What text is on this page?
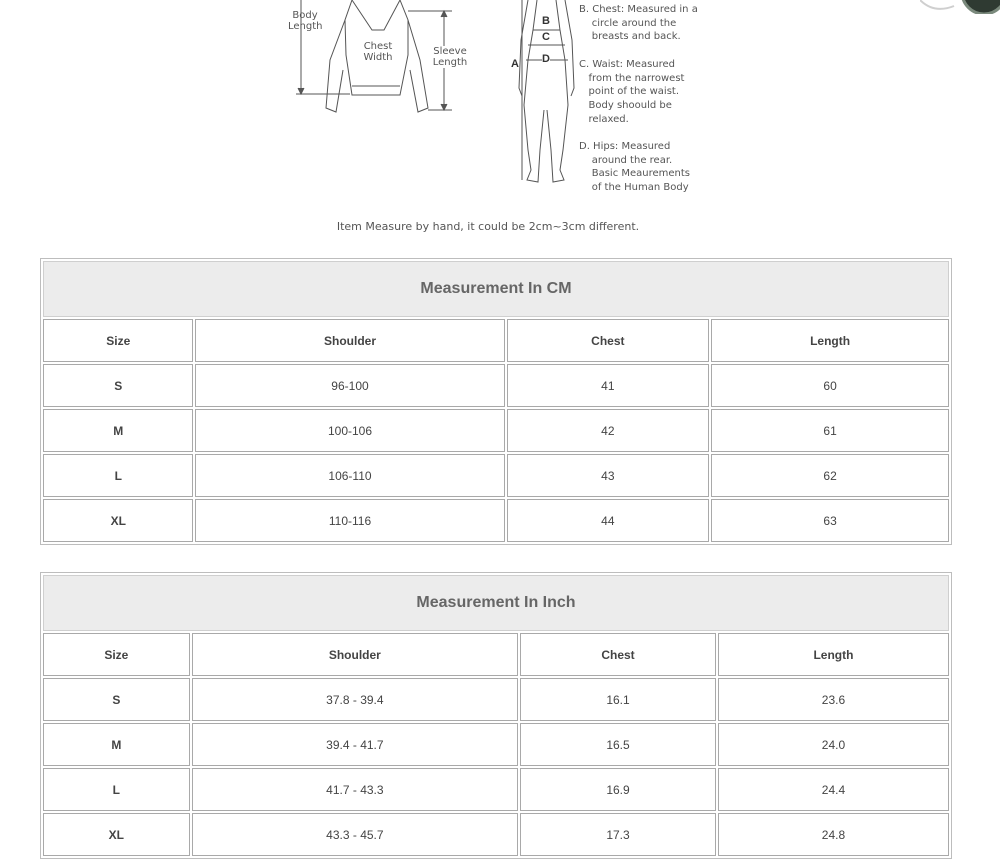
Body
Length
Chest
Width
Sleeve
Length	A
B
C
D
B. Chest: Measured in a
circle around the
breasts and back.
C. Waist: Measured
from the narrowest
point of the waist.
Body shoould be
relaxed.
D. Hips: Measured
around the rear.
Basic Meaurements
of the Human Body
Item Measure by hand, it could be 2cm~3cm different.
Measurement In CM			
Size	Shoulder	Chest	Length
S	96-100	41	60
M	100-106	42	61
L	106-110	43	62
XL	110-116	44	63
Measurement In Inch			
Size	Shoulder	Chest	Length
S	37.8 - 39.4	16.1	23.6
M	39.4 - 41.7	16.5	24.0
L	41.7 - 43.3	16.9	24.4
XL	43.3 - 45.7	17.3	24.8
